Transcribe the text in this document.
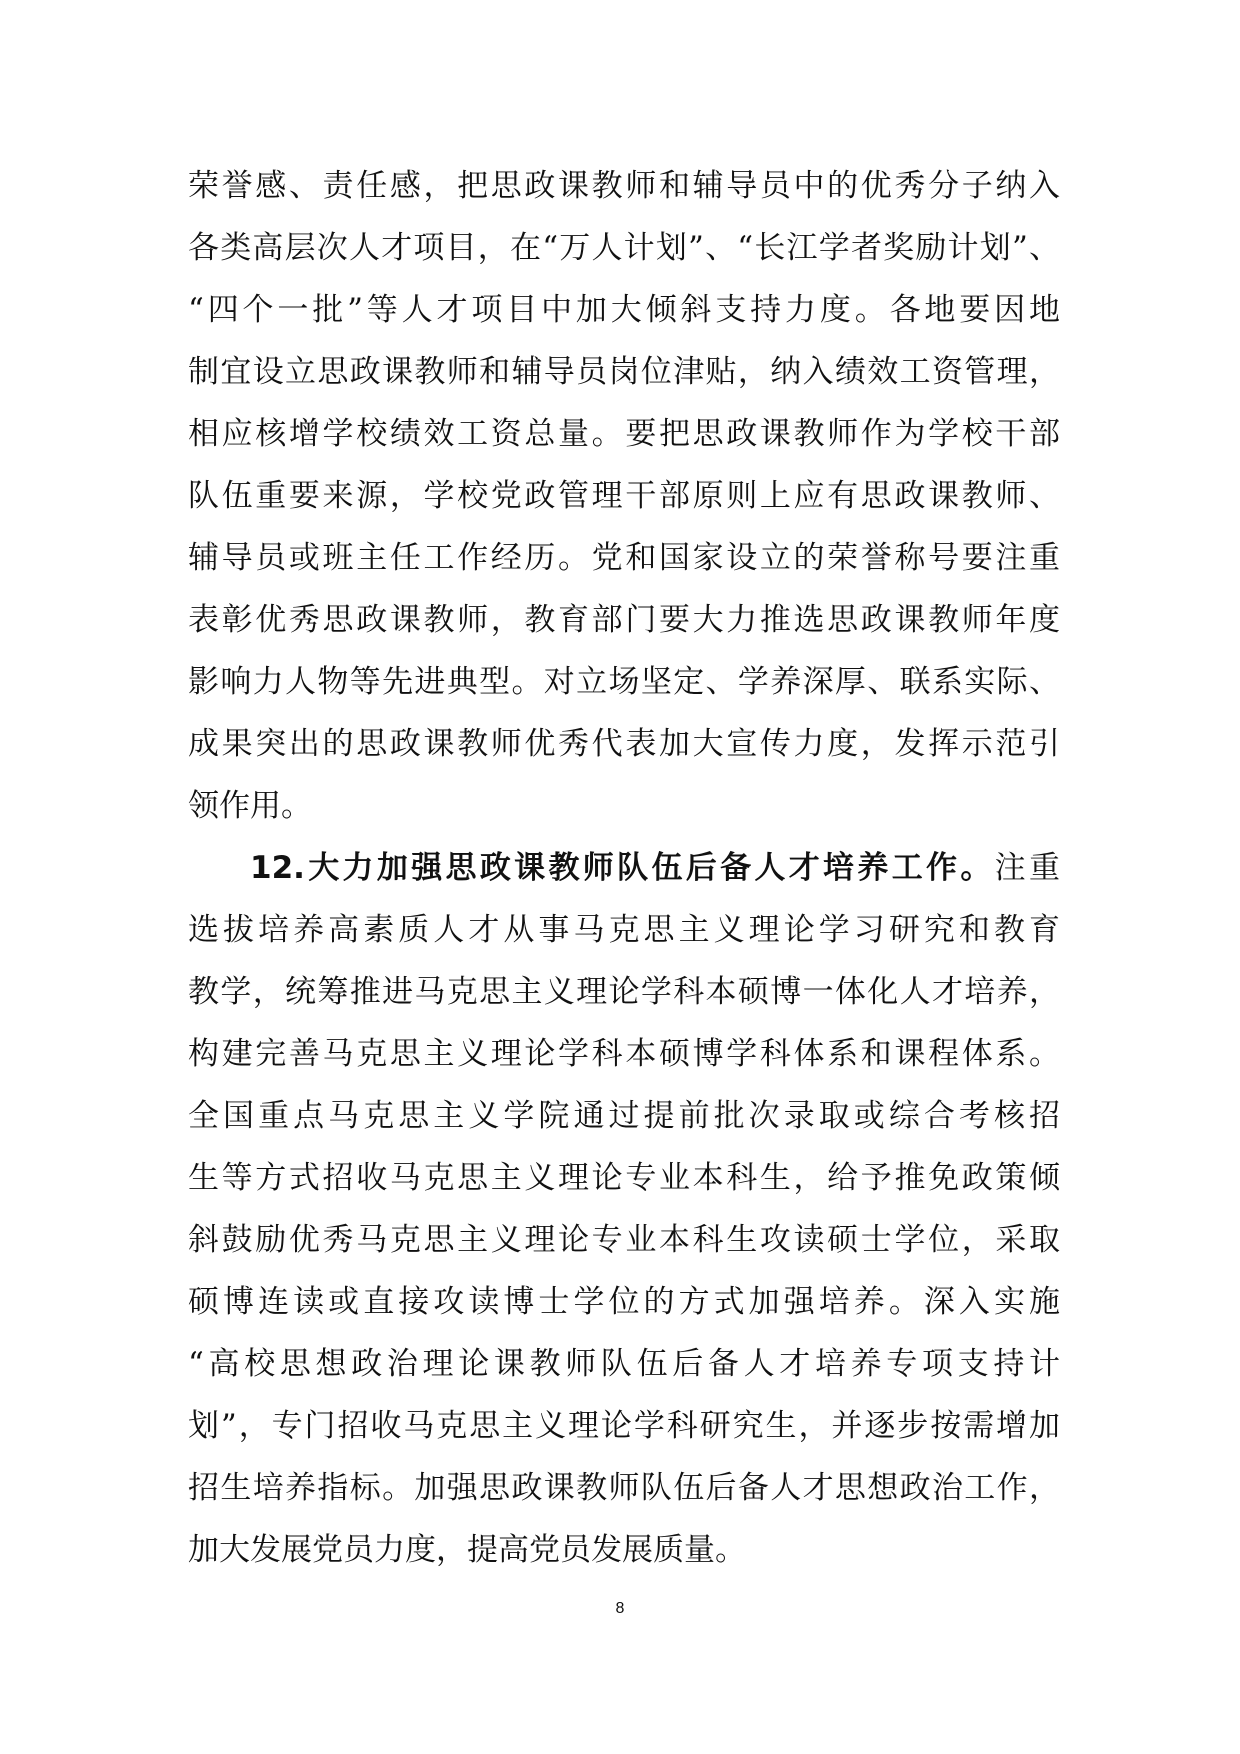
荣誉感、责任感，把思政课教师和辅导员中的优秀分子纳入
各类高层次人才项目，在“万人计划”、“长江学者奖励计划”、
“四个一批”等人才项目中加大倾斜支持力度。各地要因地
制宜设立思政课教师和辅导员岗位津贴，纳入绩效工资管理，
相应核增学校绩效工资总量。要把思政课教师作为学校干部
队伍重要来源，学校党政管理干部原则上应有思政课教师、
辅导员或班主任工作经历。党和国家设立的荣誉称号要注重
表彰优秀思政课教师，教育部门要大力推选思政课教师年度
影响力人物等先进典型。对立场坚定、学养深厚、联系实际、
成果突出的思政课教师优秀代表加大宣传力度，发挥示范引
领作用。
12.大力加强思政课教师队伍后备人才培养工作。注重
选拔培养高素质人才从事马克思主义理论学习研究和教育
教学，统筹推进马克思主义理论学科本硕博一体化人才培养，
构建完善马克思主义理论学科本硕博学科体系和课程体系。
全国重点马克思主义学院通过提前批次录取或综合考核招
生等方式招收马克思主义理论专业本科生，给予推免政策倾
斜鼓励优秀马克思主义理论专业本科生攻读硕士学位，采取
硕博连读或直接攻读博士学位的方式加强培养。深入实施
“高校思想政治理论课教师队伍后备人才培养专项支持计
划”，专门招收马克思主义理论学科研究生，并逐步按需增加
招生培养指标。加强思政课教师队伍后备人才思想政治工作，
加大发展党员力度，提高党员发展质量。
8
